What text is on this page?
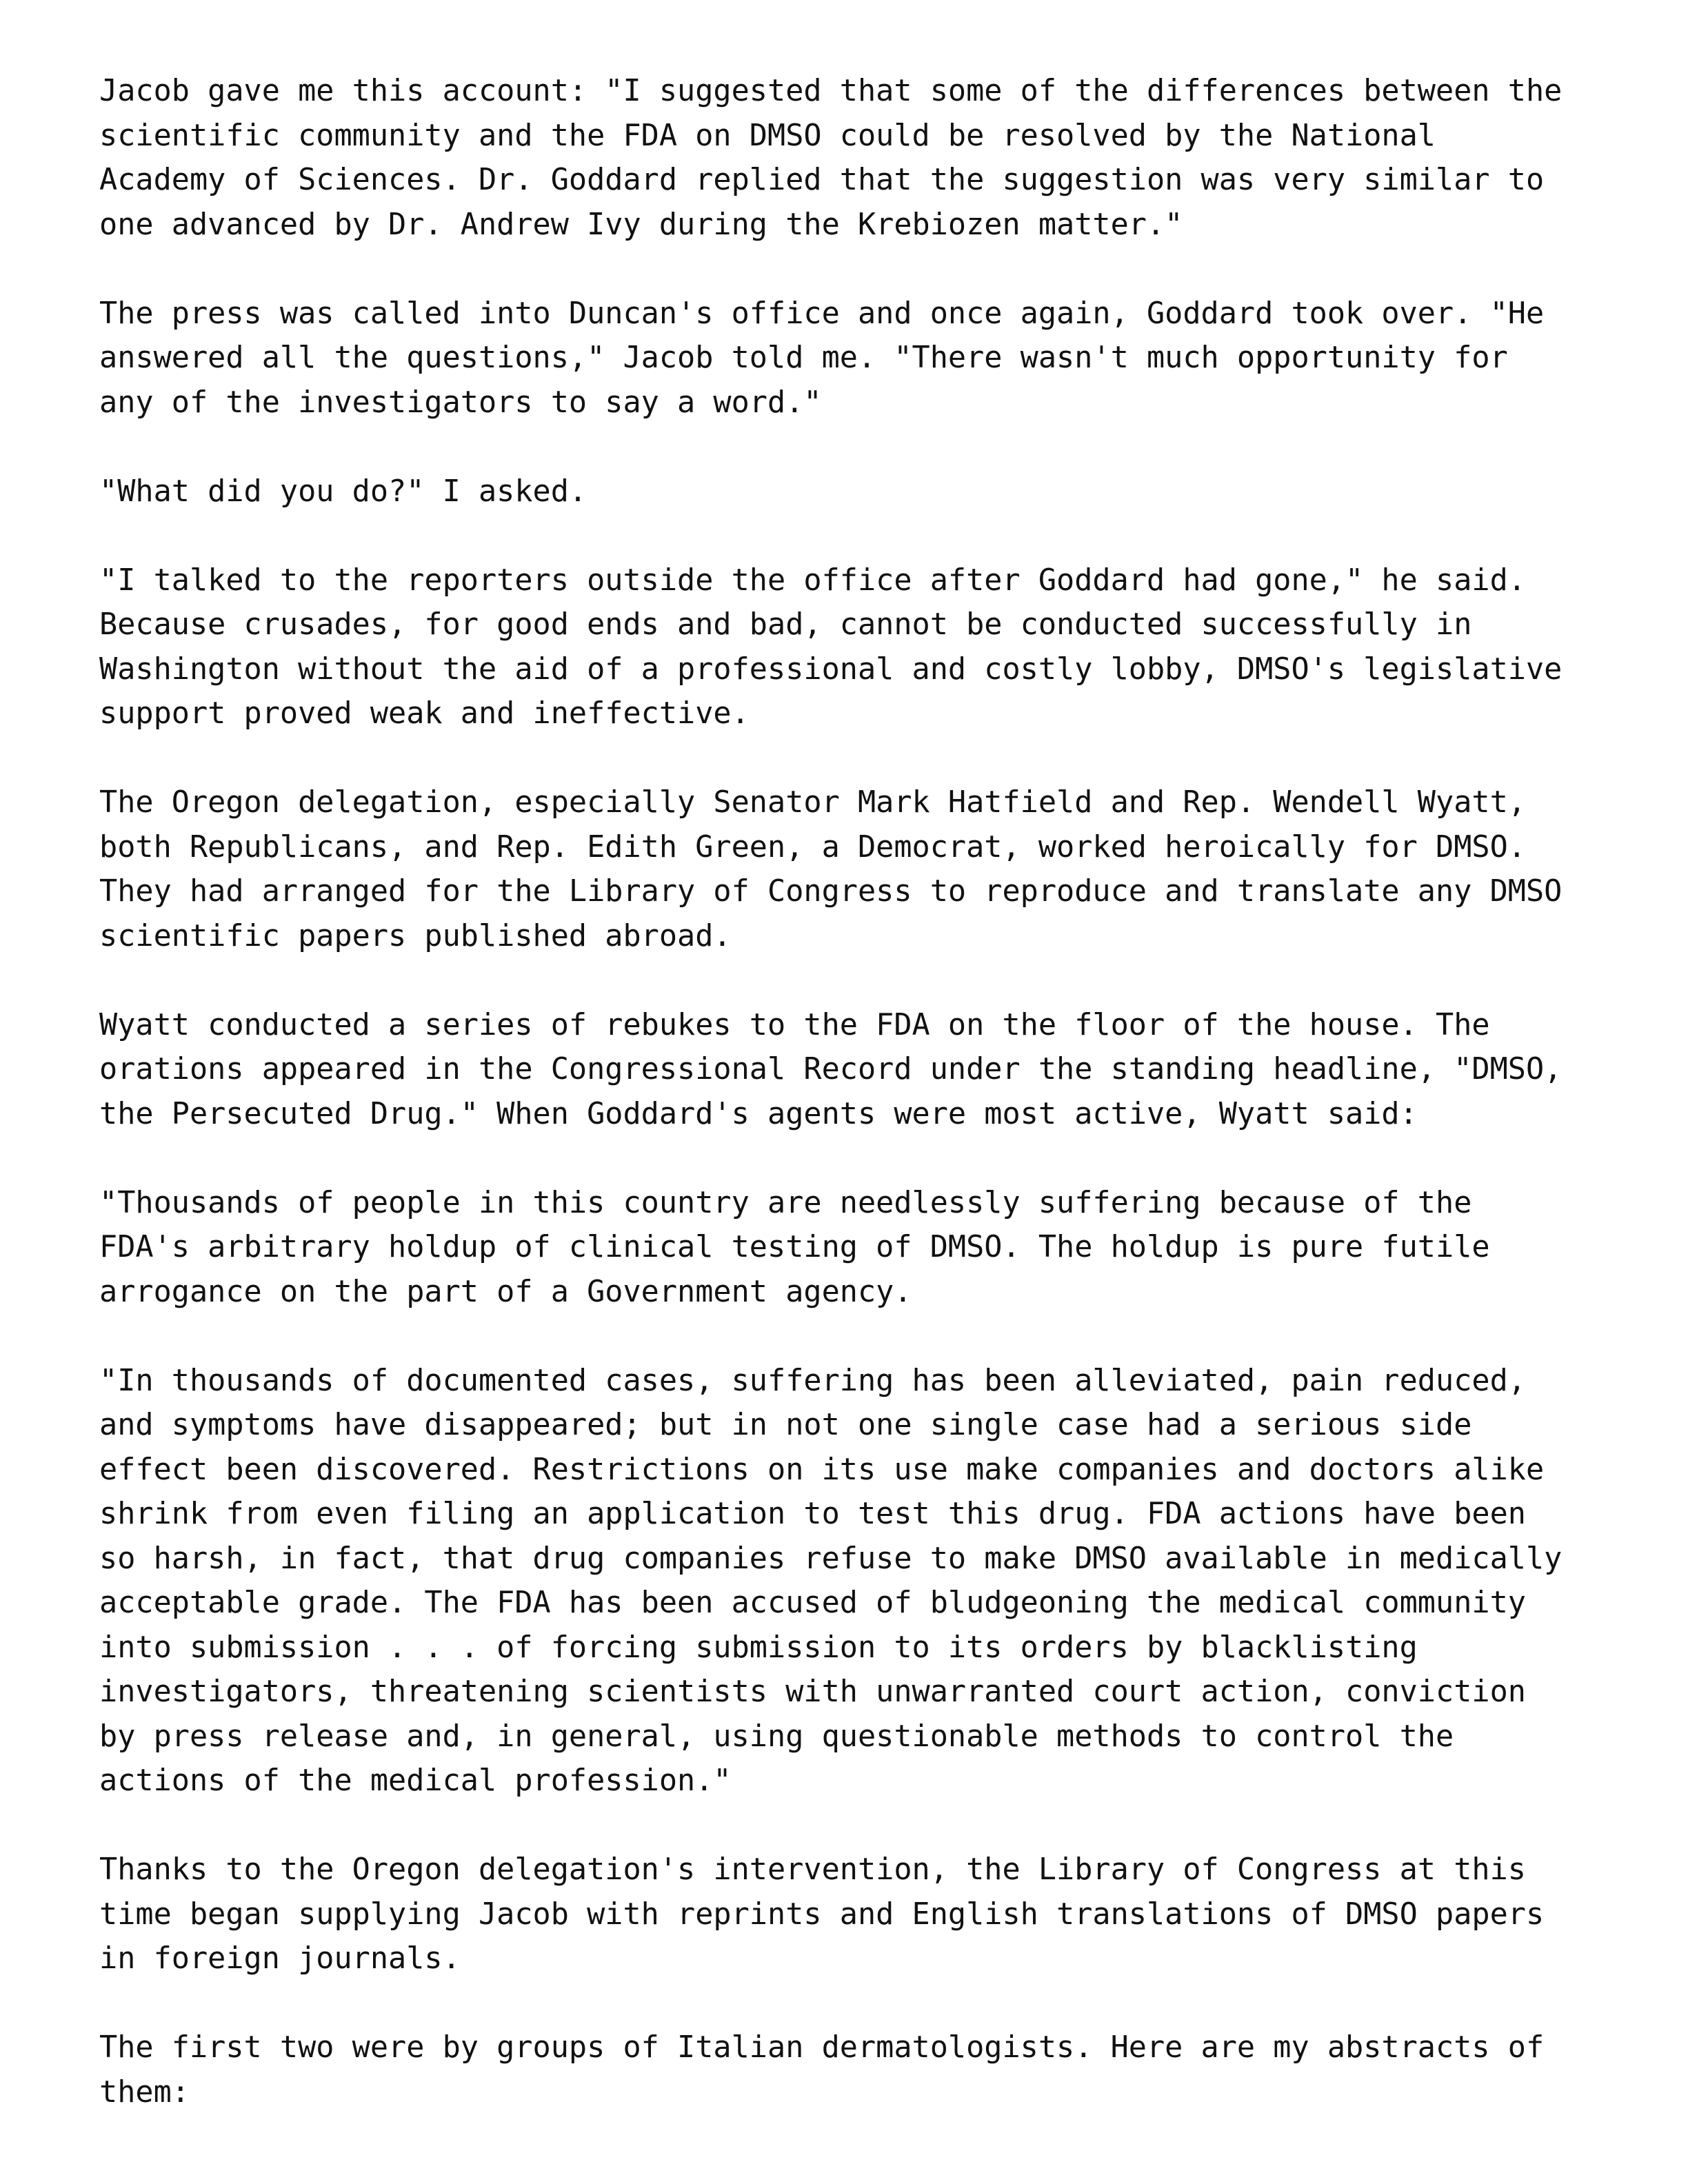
Jacob gave me this account: "I suggested that some of the differences between the
scientific community and the FDA on DMSO could be resolved by the National
Academy of Sciences. Dr. Goddard replied that the suggestion was very similar to
one advanced by Dr. Andrew Ivy during the Krebiozen matter."

The press was called into Duncan's office and once again, Goddard took over. "He
answered all the questions," Jacob told me. "There wasn't much opportunity for
any of the investigators to say a word."

"What did you do?" I asked.

"I talked to the reporters outside the office after Goddard had gone," he said.
Because crusades, for good ends and bad, cannot be conducted successfully in
Washington without the aid of a professional and costly lobby, DMSO's legislative
support proved weak and ineffective.

The Oregon delegation, especially Senator Mark Hatfield and Rep. Wendell Wyatt,
both Republicans, and Rep. Edith Green, a Democrat, worked heroically for DMSO.
They had arranged for the Library of Congress to reproduce and translate any DMSO
scientific papers published abroad.

Wyatt conducted a series of rebukes to the FDA on the floor of the house. The
orations appeared in the Congressional Record under the standing headline, "DMSO,
the Persecuted Drug." When Goddard's agents were most active, Wyatt said:

"Thousands of people in this country are needlessly suffering because of the
FDA's arbitrary holdup of clinical testing of DMSO. The holdup is pure futile
arrogance on the part of a Government agency.

"In thousands of documented cases, suffering has been alleviated, pain reduced,
and symptoms have disappeared; but in not one single case had a serious side
effect been discovered. Restrictions on its use make companies and doctors alike
shrink from even filing an application to test this drug. FDA actions have been
so harsh, in fact, that drug companies refuse to make DMSO available in medically
acceptable grade. The FDA has been accused of bludgeoning the medical community
into submission . . . of forcing submission to its orders by blacklisting
investigators, threatening scientists with unwarranted court action, conviction
by press release and, in general, using questionable methods to control the
actions of the medical profession."

Thanks to the Oregon delegation's intervention, the Library of Congress at this
time began supplying Jacob with reprints and English translations of DMSO papers
in foreign journals.

The first two were by groups of Italian dermatologists. Here are my abstracts of
them:
